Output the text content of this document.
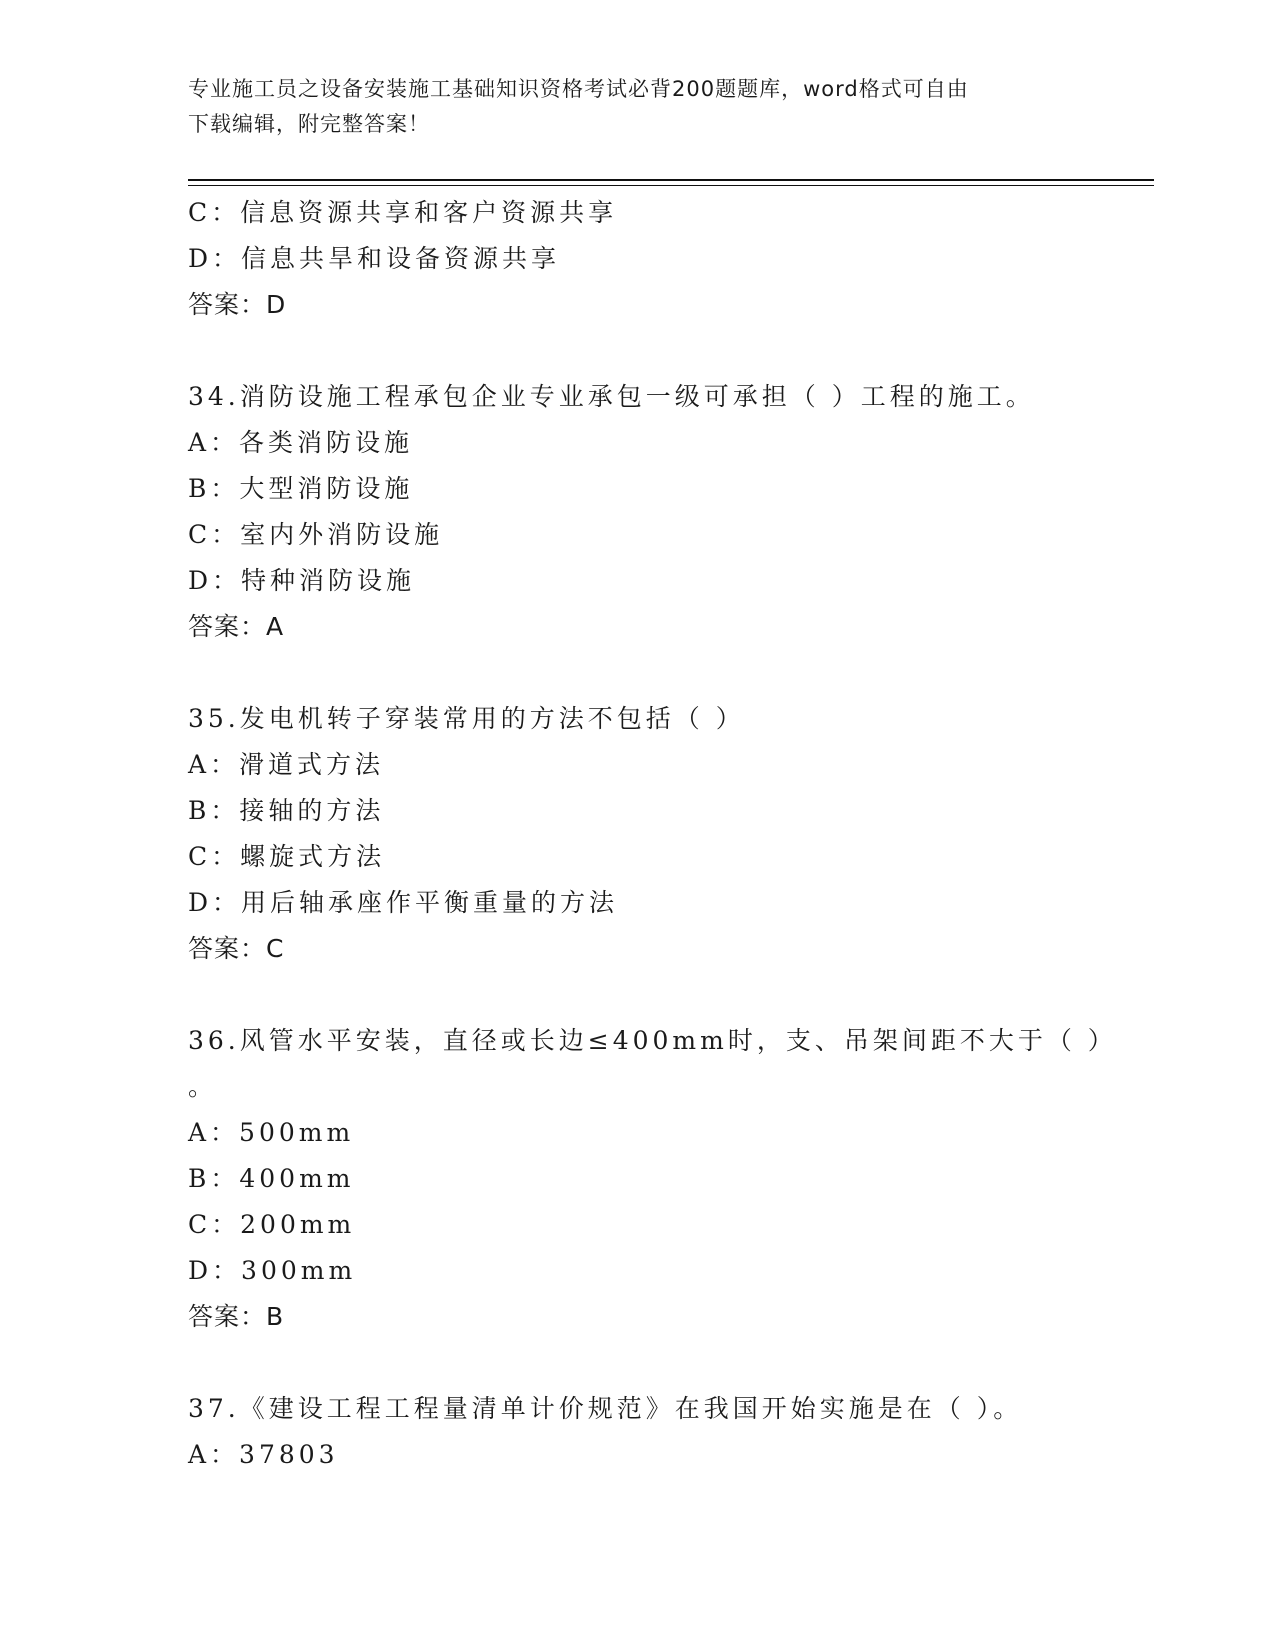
专业施工员之设备安装施工基础知识资格考试必背200题题库，word格式可自由
下载编辑，附完整答案！
C：信息资源共享和客户资源共享
D：信息共旱和设备资源共享
答案：D
34.消防设施工程承包企业专业承包一级可承担（ ）工程的施工。
A：各类消防设施
B：大型消防设施
C：室内外消防设施
D：特种消防设施
答案：A
35.发电机转子穿装常用的方法不包括（ ）
A：滑道式方法
B：接轴的方法
C：螺旋式方法
D：用后轴承座作平衡重量的方法
答案：C
36.风管水平安装，直径或长边≤400mm时，支、吊架间距不大于（ ）
。
A：500mm
B：400mm
C：200mm
D：300mm
答案：B
37.《建设工程工程量清单计价规范》在我国开始实施是在（ ）。
A：37803
